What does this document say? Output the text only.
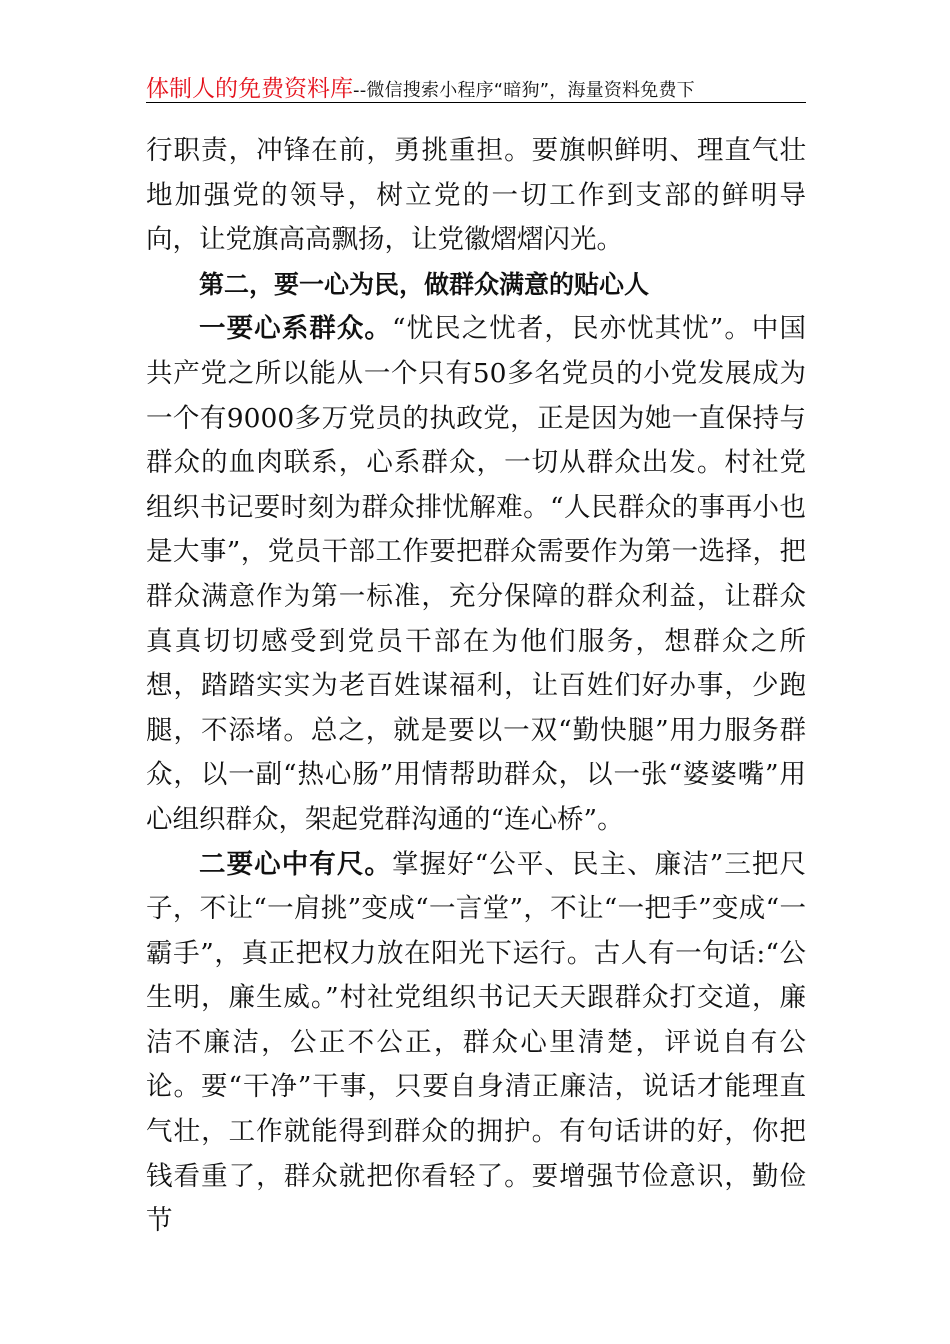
体制人的免费资料库--微信搜索小程序“暗狗”，海量资料免费下

行职责，冲锋在前，勇挑重担。要旗帜鲜明、理直气壮地加强党的领导，树立党的一切工作到支部的鲜明导向，让党旗高高飘扬，让党徽熠熠闪光。

第二，要一心为民，做群众满意的贴心人

一要心系群众。“忧民之忧者，民亦忧其忧”。中国共产党之所以能从一个只有50多名党员的小党发展成为一个有9000多万党员的执政党，正是因为她一直保持与群众的血肉联系，心系群众，一切从群众出发。村社党组织书记要时刻为群众排忧解难。“人民群众的事再小也是大事”，党员干部工作要把群众需要作为第一选择，把群众满意作为第一标准，充分保障的群众利益，让群众真真切切感受到党员干部在为他们服务，想群众之所想，踏踏实实为老百姓谋福利，让百姓们好办事，少跑腿，不添堵。总之，就是要以一双“勤快腿”用力服务群众，以一副“热心肠”用情帮助群众，以一张“婆婆嘴”用心组织群众，架起党群沟通的“连心桥”。

二要心中有尺。掌握好“公平、民主、廉洁”三把尺子，不让“一肩挑”变成“一言堂”，不让“一把手”变成“一霸手”，真正把权力放在阳光下运行。古人有一句话:“公生明，廉生威。”村社党组织书记天天跟群众打交道，廉洁不廉洁，公正不公正，群众心里清楚，评说自有公论。要“干净”干事，只要自身清正廉洁，说话才能理直气壮，工作就能得到群众的拥护。有句话讲的好，你把钱看重了，群众就把你看轻了。要增强节俭意识，勤俭节
